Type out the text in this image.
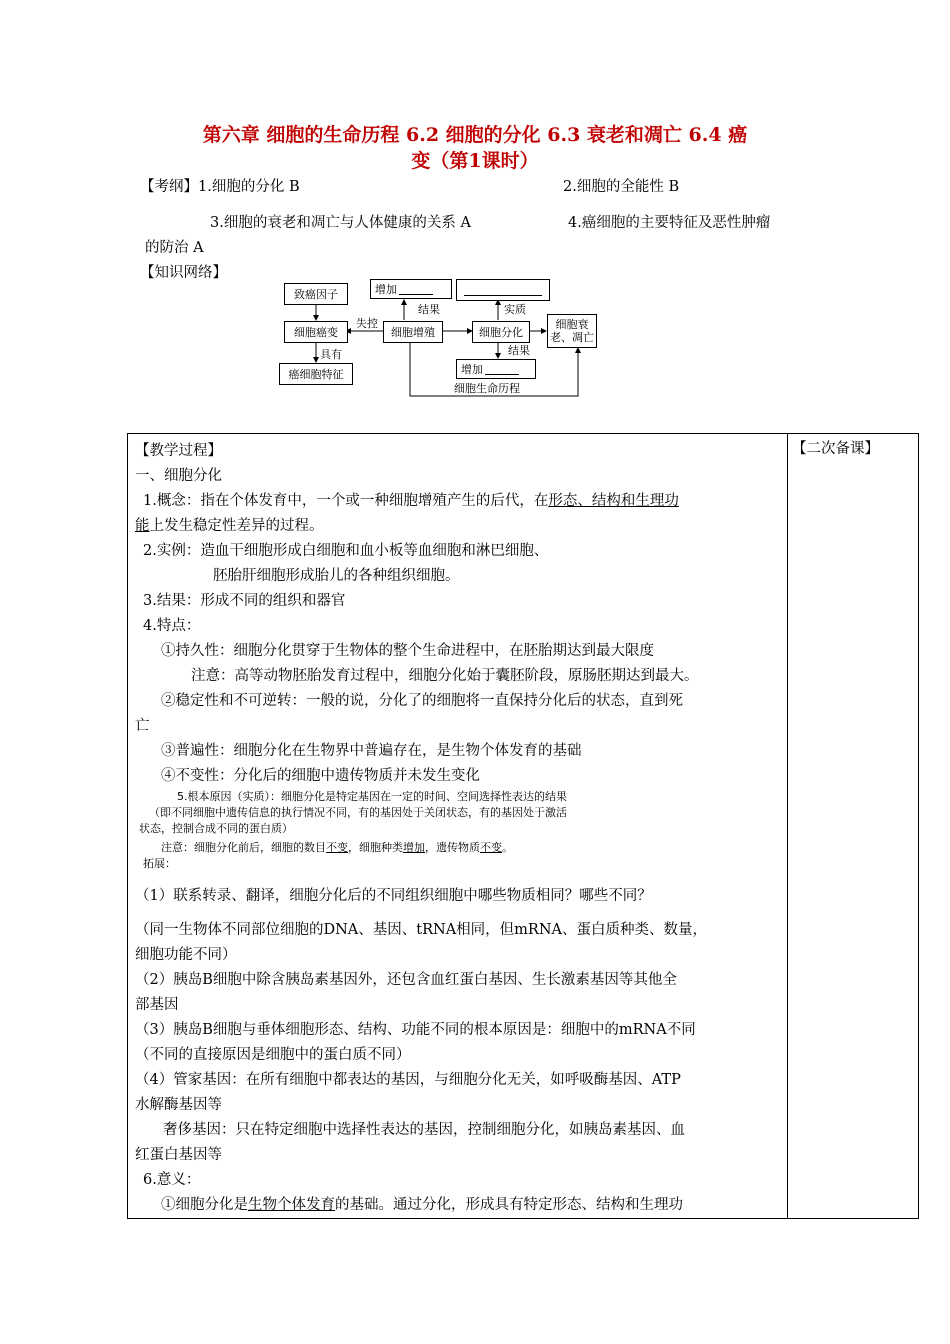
第六章 细胞的生命历程 6.2 细胞的分化 6.3 衰老和凋亡 6.4 癌
变（第1课时）
【考纲】1.细胞的分化 B	2.细胞的全能性 B
3.细胞的衰老和凋亡与人体健康的关系 A	4.癌细胞的主要特征及恶性肿瘤
的防治 A
【知识网络】
致癌因子
细胞癌变
癌细胞特征
增加
细胞增殖	细胞分化
细胞衰
老、凋亡
增加
结果	实质
失控
具有	结果
细胞生命历程
【二次备课】

【教学过程】

一、细胞分化

1.概念：指在个体发育中，一个或一种细胞增殖产生的后代，在形态、结构和生理功

能上发生稳定性差异的过程。

2.实例：造血干细胞形成白细胞和血小板等血细胞和淋巴细胞、

胚胎肝细胞形成胎儿的各种组织细胞。

3.结果：形成不同的组织和器官

4.特点：

①持久性：细胞分化贯穿于生物体的整个生命进程中，在胚胎期达到最大限度

注意：高等动物胚胎发育过程中，细胞分化始于囊胚阶段，原肠胚期达到最大。

②稳定性和不可逆转：一般的说，分化了的细胞将一直保持分化后的状态，直到死

亡

③普遍性：细胞分化在生物界中普遍存在，是生物个体发育的基础

④不变性：分化后的细胞中遗传物质并未发生变化

5.根本原因（实质）：细胞分化是特定基因在一定的时间、空间选择性表达的结果

（即不同细胞中遗传信息的执行情况不同，有的基因处于关闭状态，有的基因处于激活

状态，控制合成不同的蛋白质）

注意：细胞分化前后，细胞的数目不变，细胞种类增加，遗传物质不变。

拓展：

（1）联系转录、翻译，细胞分化后的不同组织细胞中哪些物质相同？哪些不同？

（同一生物体不同部位细胞的DNA、基因、tRNA相同，但mRNA、蛋白质种类、数量，

细胞功能不同）

（2）胰岛B细胞中除含胰岛素基因外，还包含血红蛋白基因、生长激素基因等其他全

部基因

（3）胰岛B细胞与垂体细胞形态、结构、功能不同的根本原因是：细胞中的mRNA不同

（不同的直接原因是细胞中的蛋白质不同）

（4）管家基因：在所有细胞中都表达的基因，与细胞分化无关，如呼吸酶基因、ATP

水解酶基因等

奢侈基因：只在特定细胞中选择性表达的基因，控制细胞分化，如胰岛素基因、血

红蛋白基因等

6.意义：

①细胞分化是生物个体发育的基础。通过分化，形成具有特定形态、结构和生理功
